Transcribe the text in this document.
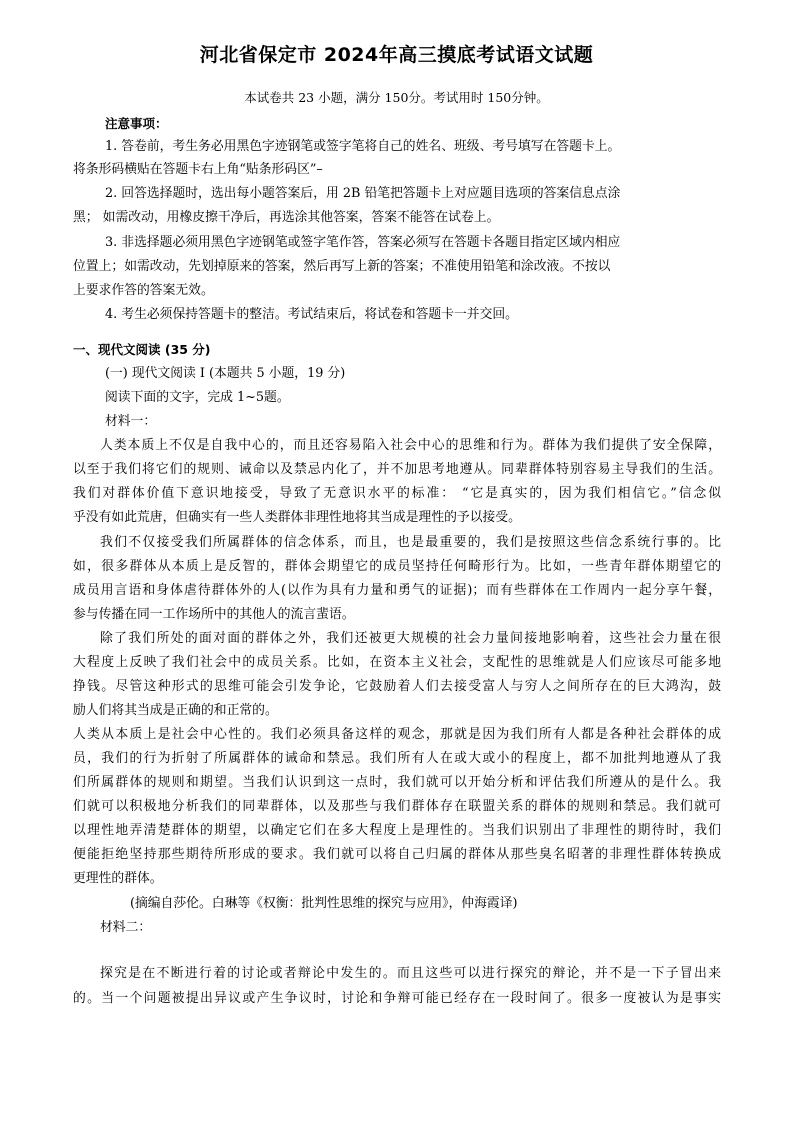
河北省保定市 2024年高三摸底考试语文试题
本试卷共 23 小题，满分 150分。考试用时 150分钟。
注意事项：
1. 答卷前，考生务必用黑色字迹钢笔或签字笔将自己的姓名、班级、考号填写在答题卡上。
将条形码横贴在答题卡右上角“贴条形码区”–
2. 回答选择题时，选出每小题答案后，用 2B 铅笔把答题卡上对应题目选项的答案信息点涂
黑； 如需改动，用橡皮擦干净后，再选涂其他答案，答案不能答在试卷上。
3. 非选择题必须用黑色字迹钢笔或签字笔作答，答案必须写在答题卡各题目指定区域内相应
位置上；如需改动，先划掉原来的答案，然后再写上新的答案；不准使用铅笔和涂改液。不按以
上要求作答的答案无效。
4. 考生必须保持答题卡的整洁。考试结束后，将试卷和答题卡一并交回。
一、现代文阅读 (35 分)
(一) 现代文阅读 I (本题共 5 小题，19 分)
阅读下面的文字，完成 1~5题。
材料一：
人类本质上不仅是自我中心的，而且还容易陷入社会中心的思维和行为。群体为我们提供了安全保障，
以至于我们将它们的规则、诫命以及禁忌内化了，并不加思考地遵从。同辈群体特别容易主导我们的生活。
我们对群体价值下意识地接受，导致了无意识水平的标准： “它是真实的，因为我们相信它。”信念似
乎没有如此荒唐，但确实有一些人类群体非理性地将其当成是理性的予以接受。
我们不仅接受我们所属群体的信念体系，而且，也是最重要的，我们是按照这些信念系统行事的。比
如，很多群体从本质上是反智的，群体会期望它的成员坚持任何畸形行为。比如，一些青年群体期望它的
成员用言语和身体虐待群体外的人(以作为具有力量和勇气的证据)；而有些群体在工作周内一起分享午餐，
参与传播在同一工作场所中的其他人的流言蜚语。
除了我们所处的面对面的群体之外，我们还被更大规模的社会力量间接地影响着，这些社会力量在很
大程度上反映了我们社会中的成员关系。比如，在资本主义社会，支配性的思维就是人们应该尽可能多地
挣钱。尽管这种形式的思维可能会引发争论，它鼓励着人们去接受富人与穷人之间所存在的巨大鸿沟，鼓
励人们将其当成是正确的和正常的。
人类从本质上是社会中心性的。我们必须具备这样的观念，那就是因为我们所有人都是各种社会群体的成
员，我们的行为折射了所属群体的诫命和禁忌。我们所有人在或大或小的程度上，都不加批判地遵从了我
们所属群体的规则和期望。当我们认识到这一点时，我们就可以开始分析和评估我们所遵从的是什么。我
们就可以积极地分析我们的同辈群体，以及那些与我们群体存在联盟关系的群体的规则和禁忌。我们就可
以理性地弄清楚群体的期望，以确定它们在多大程度上是理性的。当我们识别出了非理性的期待时，我们
便能拒绝坚持那些期待所形成的要求。我们就可以将自己归属的群体从那些臭名昭著的非理性群体转换成
更理性的群体。
(摘编自莎伦。白琳等《权衡：批判性思维的探究与应用》，仲海霞译)
材料二：
探究是在不断进行着的讨论或者辩论中发生的。而且这些可以进行探究的辩论，并不是一下子冒出来
的。当一个问题被提出异议或产生争议时，讨论和争辩可能已经存在一段时间了。很多一度被认为是事实
